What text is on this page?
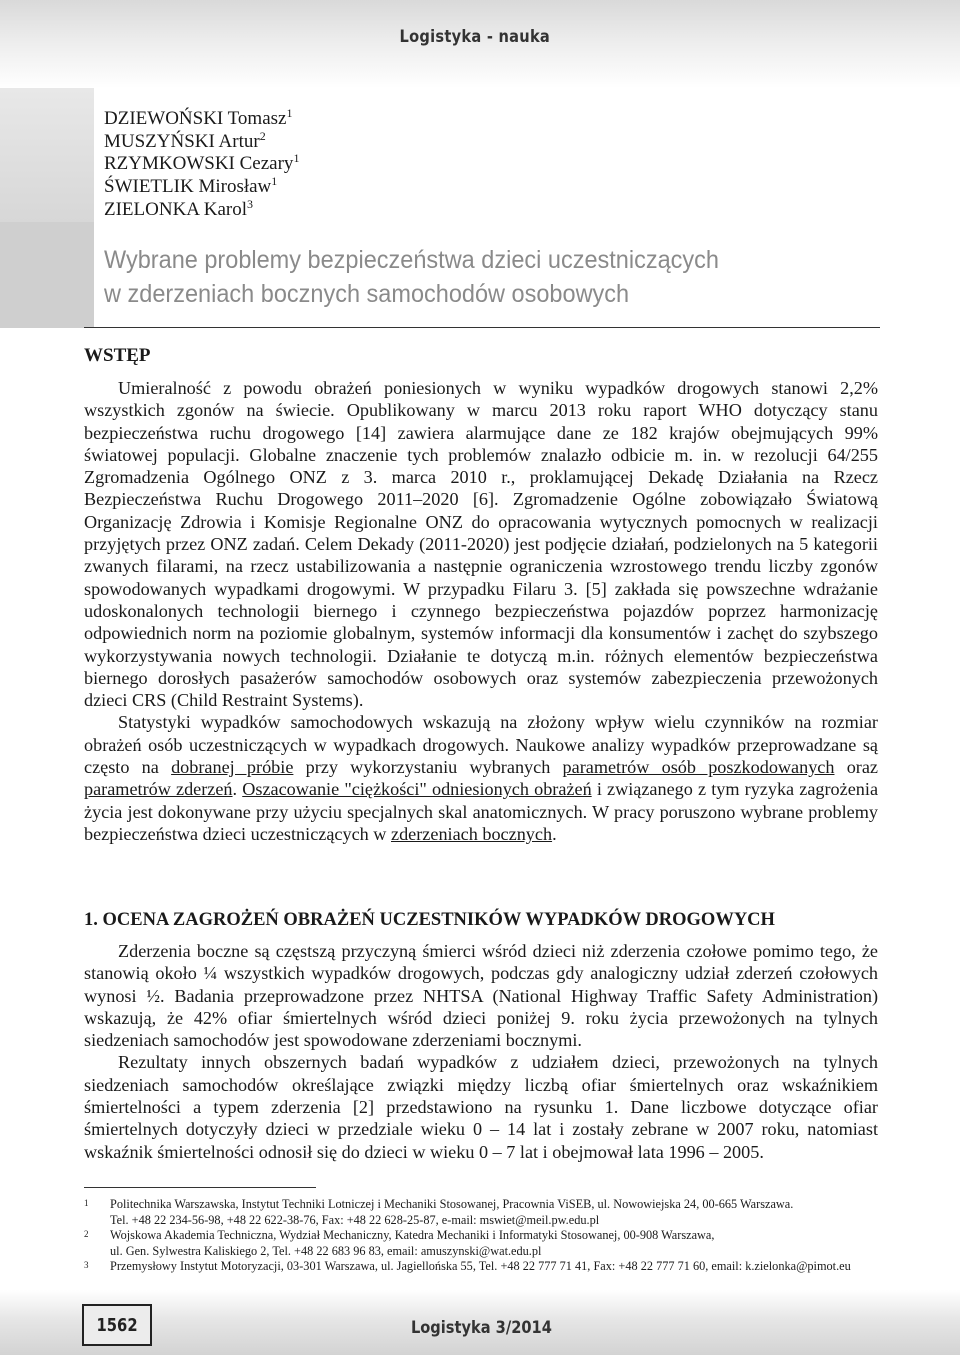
Logistyka - nauka
DZIEWOŃSKI Tomasz$^1$
MUSZYŃSKI Artur$^2$
RZYMKOWSKI Cezary$^1$
ŚWIETLIK Mirosław$^1$
ZIELONKA Karol$^3$
Wybrane problemy bezpieczeństwa dzieci uczestniczących
w zderzeniach bocznych samochodów osobowych
WSTĘP

Umieralność z powodu obrażeń poniesionych w wyniku wypadków drogowych stanowi 2,2% wszystkich zgonów na świecie. Opublikowany w marcu 2013 roku raport WHO dotyczący stanu bezpieczeństwa ruchu drogowego [14] zawiera alarmujące dane ze 182 krajów obejmujących 99% światowej populacji. Globalne znaczenie tych problemów znalazło odbicie m. in. w rezolucji 64/255 Zgromadzenia Ogólnego ONZ z 3. marca 2010 r., proklamującej Dekadę Działania na Rzecz Bezpieczeństwa Ruchu Drogowego 2011–2020 [6]. Zgromadzenie Ogólne zobowiązało Światową Organizację Zdrowia i Komisje Regionalne ONZ do opracowania wytycznych pomocnych w realizacji przyjętych przez ONZ zadań. Celem Dekady (2011-2020) jest podjęcie działań, podzielonych na 5 kategorii zwanych filarami, na rzecz ustabilizowania a następnie ograniczenia wzrostowego trendu liczby zgonów spowodowanych wypadkami drogowymi. W przypadku Filaru 3. [5] zakłada się powszechne wdrażanie udoskonalonych technologii biernego i czynnego bezpieczeństwa pojazdów poprzez harmonizację odpowiednich norm na poziomie globalnym, systemów informacji dla konsumentów i zachęt do szybszego wykorzystywania nowych technologii. Działanie te dotyczą m.in. różnych elementów bezpieczeństwa biernego dorosłych pasażerów samochodów osobowych oraz systemów zabezpieczenia przewożonych dzieci CRS (Child Restraint Systems).

Statystyki wypadków samochodowych wskazują na złożony wpływ wielu czynników na rozmiar obrażeń osób uczestniczących w wypadkach drogowych. Naukowe analizy wypadków przeprowadzane są często na dobranej próbie przy wykorzystaniu wybranych parametrów osób poszkodowanych oraz parametrów zderzeń. Oszacowanie "ciężkości" odniesionych obrażeń i związanego z tym ryzyka zagrożenia życia jest dokonywane przy użyciu specjalnych skal anatomicznych. W pracy poruszono wybrane problemy bezpieczeństwa dzieci uczestniczących w zderzeniach bocznych.

1. OCENA ZAGROŻEŃ OBRAŻEŃ UCZESTNIKÓW WYPADKÓW DROGOWYCH

Zderzenia boczne są częstszą przyczyną śmierci wśród dzieci niż zderzenia czołowe pomimo tego, że stanowią około ¼ wszystkich wypadków drogowych, podczas gdy analogiczny udział zderzeń czołowych wynosi ½. Badania przeprowadzone przez NHTSA (National Highway Traffic Safety Administration) wskazują, że 42% ofiar śmiertelnych wśród dzieci poniżej 9. roku życia przewożonych na tylnych siedzeniach samochodów jest spowodowane zderzeniami bocznymi.

Rezultaty innych obszernych badań wypadków z udziałem dzieci, przewożonych na tylnych siedzeniach samochodów określające związki między liczbą ofiar śmiertelnych oraz wskaźnikiem śmiertelności a typem zderzenia [2] przedstawiono na rysunku 1. Dane liczbowe dotyczące ofiar śmiertelnych dotyczyły dzieci w przedziale wieku 0 – 14 lat i zostały zebrane w 2007 roku, natomiast wskaźnik śmiertelności odnosił się do dzieci w wieku 0 – 7 lat i obejmował lata 1996 – 2005.

1 Politechnika Warszawska, Instytut Techniki Lotniczej i Mechaniki Stosowanej, Pracownia ViSEB, ul. Nowowiejska 24, 00-665 Warszawa.
Tel. +48 22 234-56-98, +48 22 622-38-76, Fax: +48 22 628-25-87, e-mail: mswiet@meil.pw.edu.pl
2 Wojskowa Akademia Techniczna, Wydział Mechaniczny, Katedra Mechaniki i Informatyki Stosowanej, 00-908 Warszawa,
ul. Gen. Sylwestra Kaliskiego 2, Tel. +48 22 683 96 83, email: amuszynski@wat.edu.pl
3 Przemysłowy Instytut Motoryzacji, 03-301 Warszawa, ul. Jagiellońska 55, Tel. +48 22 777 71 41, Fax: +48 22 777 71 60, email: k.zielonka@pimot.eu
1562	Logistyka 3/2014
